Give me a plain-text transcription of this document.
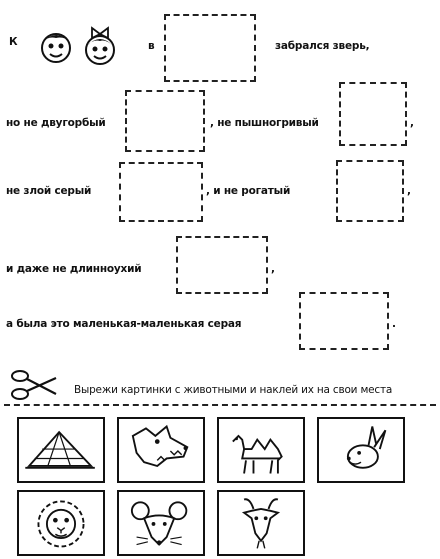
К	в	забрался зверь,
но не двугорбый	, не пышногривый	,
не злой серый	, и не рогатый	,
и даже не длинноухий	,
а была это маленькая-маленькая серая	.
Вырежи картинки с животными и наклей их на свои места
